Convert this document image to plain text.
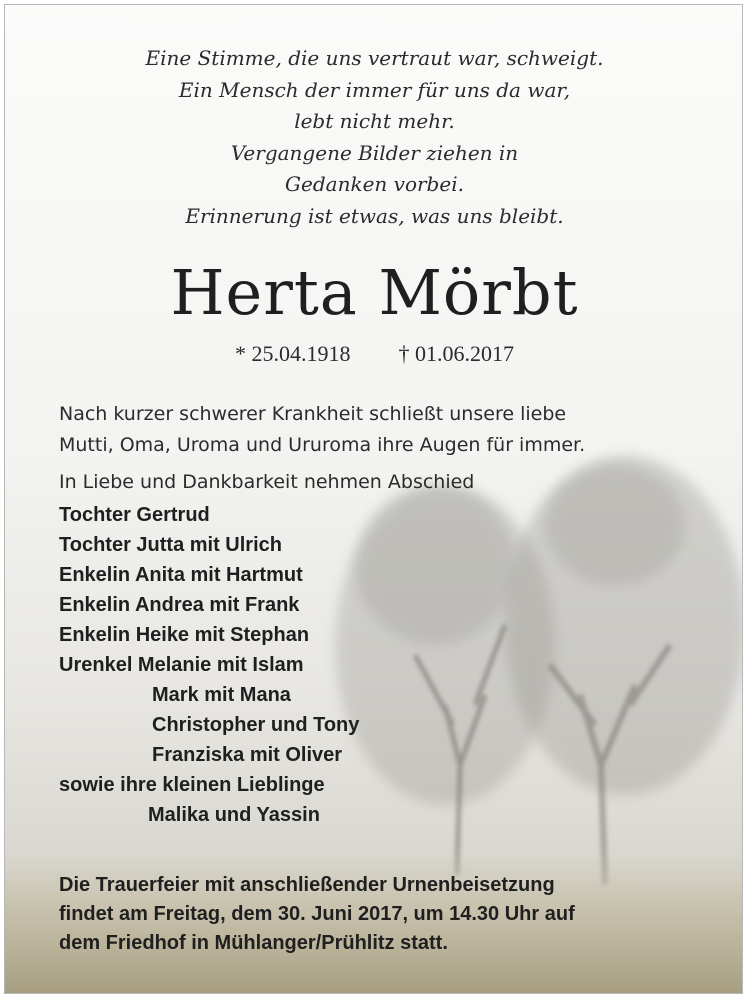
Eine Stimme, die uns vertraut war, schweigt.
Ein Mensch der immer für uns da war,
lebt nicht mehr.
Vergangene Bilder ziehen in
Gedanken vorbei.
Erinnerung ist etwas, was uns bleibt.
Herta Mörbt
* 25.04.1918 † 01.06.2017
Nach kurzer schwerer Krankheit schließt unsere liebe
Mutti, Oma, Uroma und Ururoma ihre Augen für immer.
In Liebe und Dankbarkeit nehmen Abschied
Tochter Gertrud
Tochter Jutta mit Ulrich
Enkelin Anita mit Hartmut
Enkelin Andrea mit Frank
Enkelin Heike mit Stephan
Urenkel Melanie mit Islam
Mark mit Mana
Christopher und Tony
Franziska mit Oliver
sowie ihre kleinen Lieblinge
Malika und Yassin
Die Trauerfeier mit anschließender Urnenbeisetzung
findet am Freitag, dem 30. Juni 2017, um 14.30 Uhr auf
dem Friedhof in Mühlanger/Prühlitz statt.
